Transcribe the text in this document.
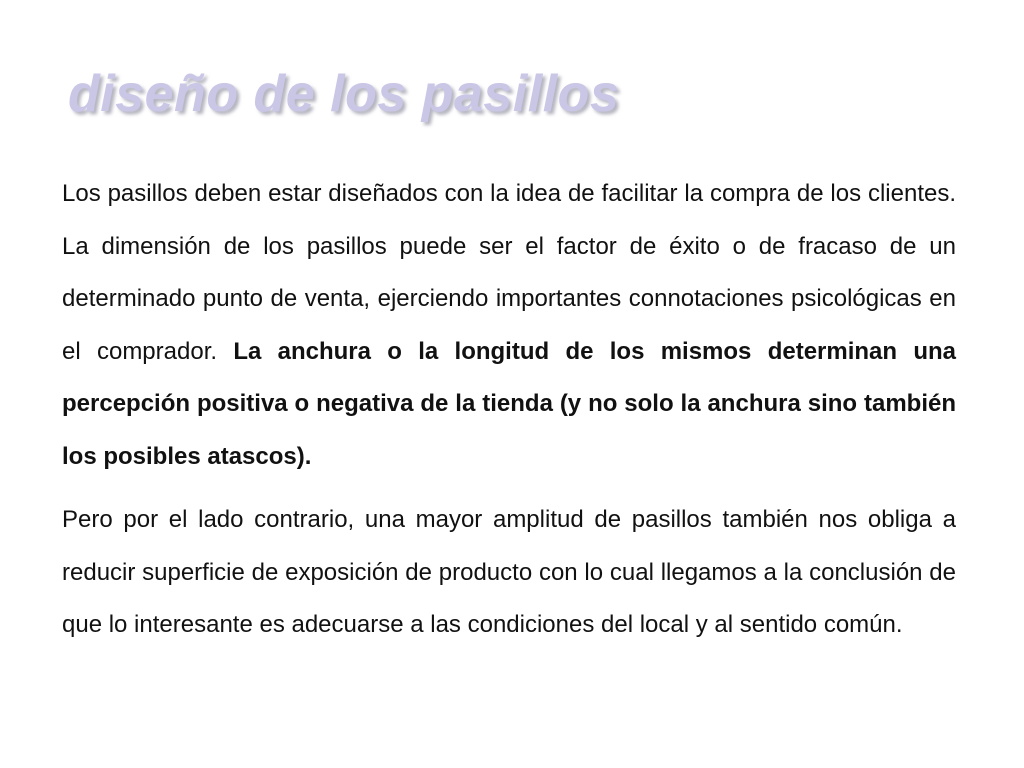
diseño de los pasillos

Los pasillos deben estar diseñados con la idea de facilitar la compra de los clientes. La dimensión de los pasillos puede ser el factor de éxito o de fracaso de un determinado punto de venta, ejerciendo importantes connotaciones psicológicas en el comprador. La anchura o la longitud de los mismos determinan una percepción positiva o negativa de la tienda (y no solo la anchura sino también los posibles atascos).

Pero por el lado contrario, una mayor amplitud de pasillos también nos obliga a reducir superficie de exposición de producto con lo cual llegamos a la conclusión de que lo interesante es adecuarse a las condiciones del local y al sentido común.
